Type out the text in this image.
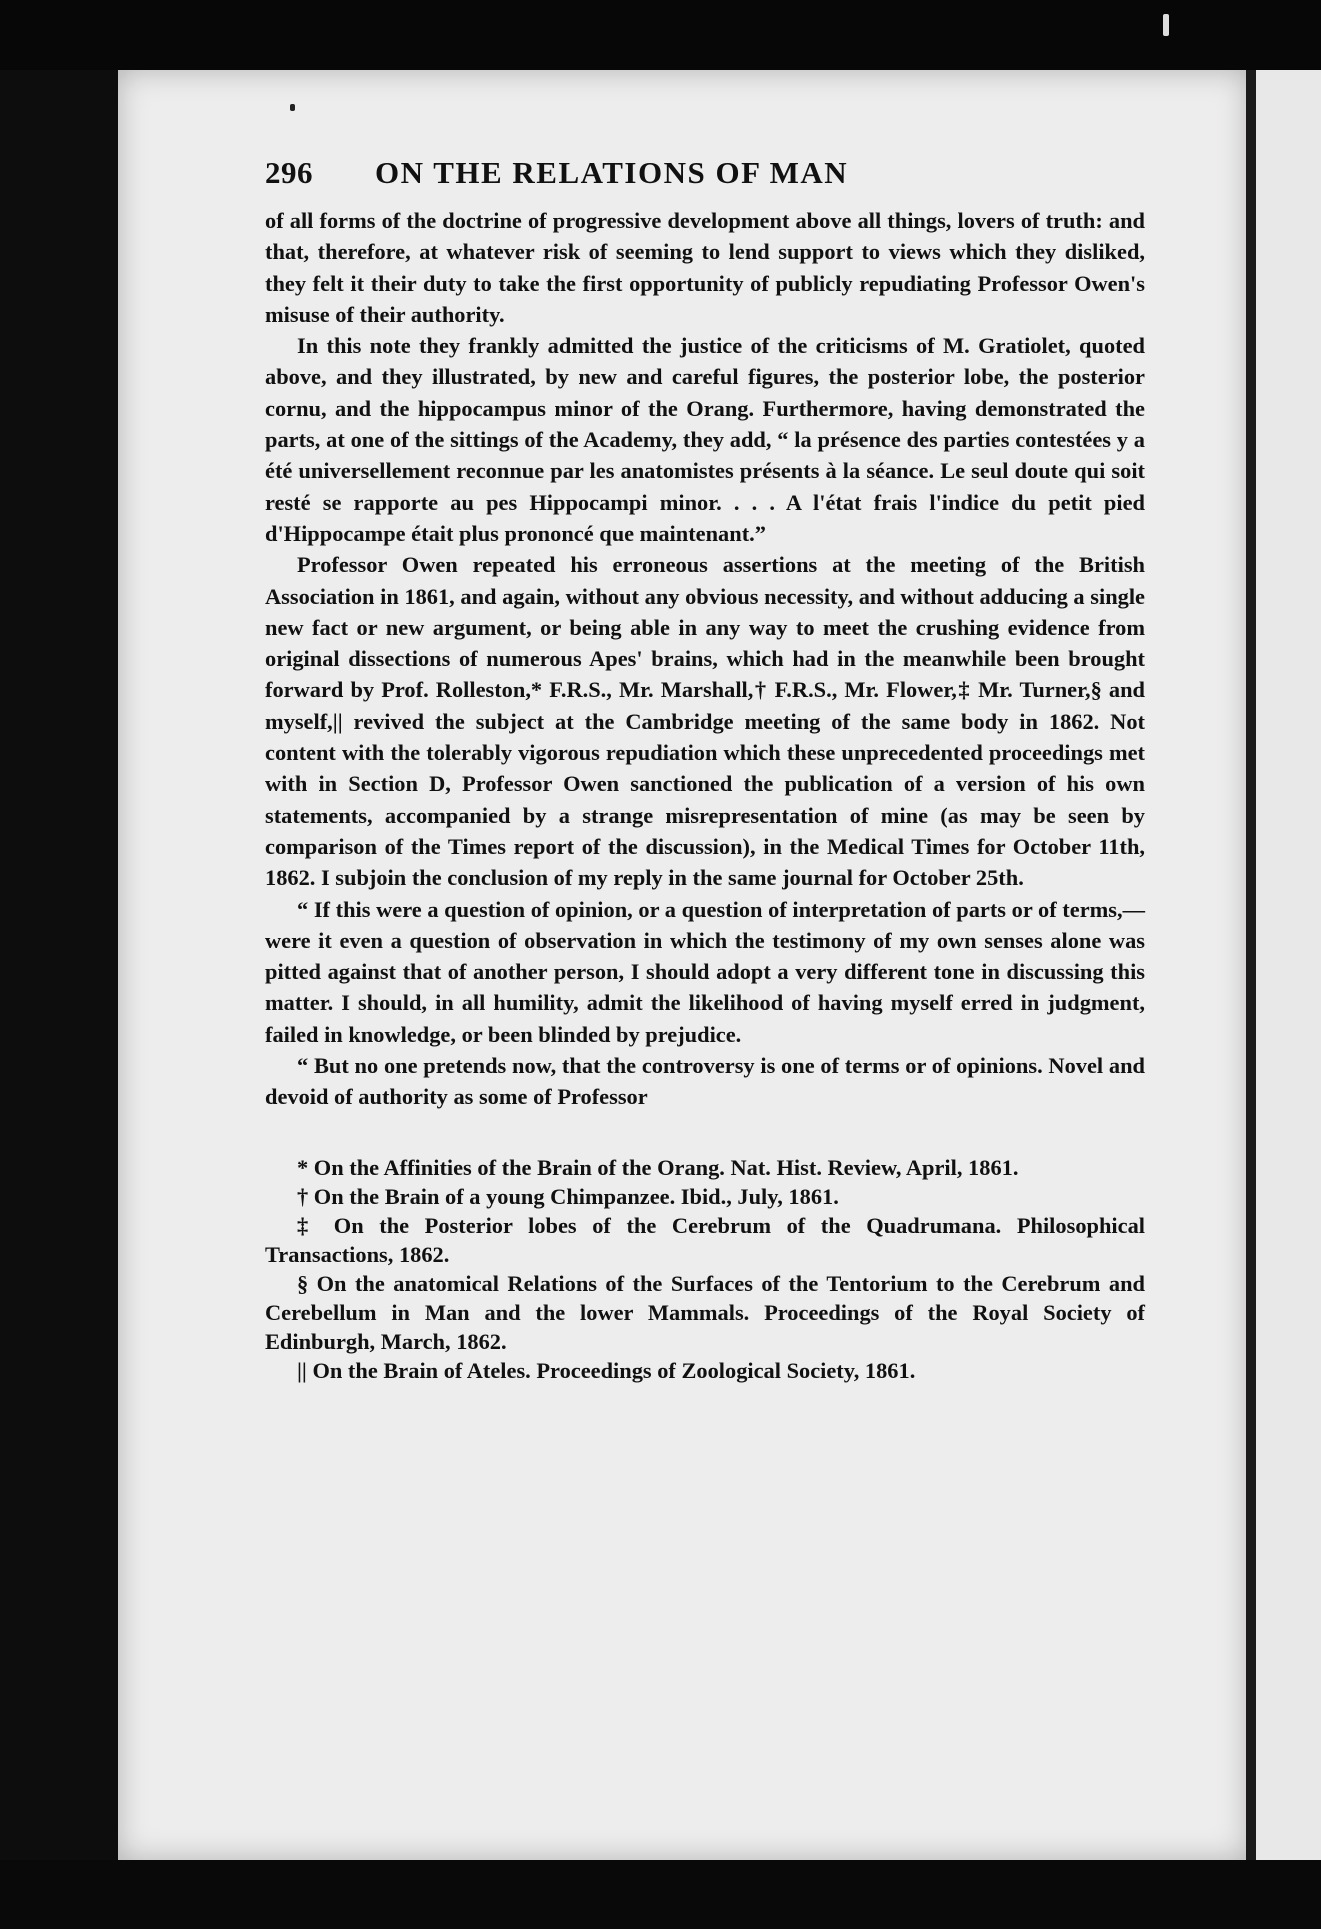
296	ON THE RELATIONS OF MAN

of all forms of the doctrine of progressive development above all things, lovers of truth: and that, therefore, at whatever risk of seeming to lend support to views which they disliked, they felt it their duty to take the first opportunity of publicly repudiating Professor Owen's misuse of their authority.

In this note they frankly admitted the justice of the criticisms of M. Gratiolet, quoted above, and they illustrated, by new and careful figures, the posterior lobe, the posterior cornu, and the hippocampus minor of the Orang. Furthermore, having demonstrated the parts, at one of the sittings of the Academy, they add, “ la présence des parties contestées y a été universellement reconnue par les anatomistes présents à la séance. Le seul doute qui soit resté se rapporte au pes Hippocampi minor. . . . A l'état frais l'indice du petit pied d'Hippocampe était plus prononcé que maintenant.”

Professor Owen repeated his erroneous assertions at the meeting of the British Association in 1861, and again, without any obvious necessity, and without adducing a single new fact or new argument, or being able in any way to meet the crushing evidence from original dissections of numerous Apes' brains, which had in the meanwhile been brought forward by Prof. Rolleston,* F.R.S., Mr. Marshall,† F.R.S., Mr. Flower,‡ Mr. Turner,§ and myself,|| revived the subject at the Cambridge meeting of the same body in 1862. Not content with the tolerably vigorous repudiation which these unprecedented proceedings met with in Section D, Professor Owen sanctioned the publication of a version of his own statements, accompanied by a strange misrepresentation of mine (as may be seen by comparison of the Times report of the discussion), in the Medical Times for October 11th, 1862. I subjoin the conclusion of my reply in the same journal for October 25th.

“ If this were a question of opinion, or a question of interpretation of parts or of terms,—were it even a question of observation in which the testimony of my own senses alone was pitted against that of another person, I should adopt a very different tone in discussing this matter. I should, in all humility, admit the likelihood of having myself erred in judgment, failed in knowledge, or been blinded by prejudice.

“ But no one pretends now, that the controversy is one of terms or of opinions. Novel and devoid of authority as some of Professor

* On the Affinities of the Brain of the Orang. Nat. Hist. Review, April, 1861.

† On the Brain of a young Chimpanzee. Ibid., July, 1861.

‡ On the Posterior lobes of the Cerebrum of the Quadrumana. Philosophical Transactions, 1862.

§ On the anatomical Relations of the Surfaces of the Tentorium to the Cerebrum and Cerebellum in Man and the lower Mammals. Proceedings of the Royal Society of Edinburgh, March, 1862.

|| On the Brain of Ateles. Proceedings of Zoological Society, 1861.
